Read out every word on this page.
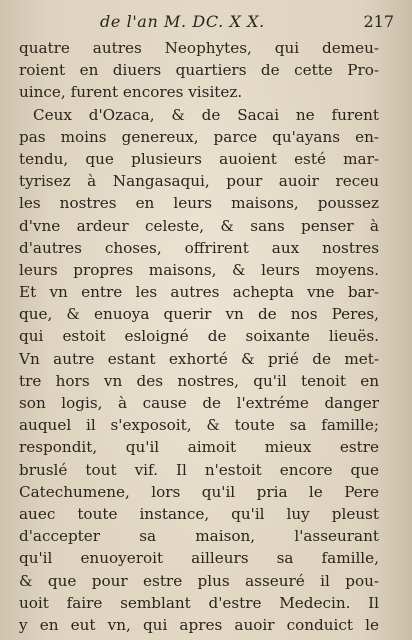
de l'an M. DC. X X.	217
quatre autres Neophytes, qui demeu-
roient en diuers quartiers de cette Pro-
uince, furent encores visitez.
Ceux d'Ozaca, & de Sacai ne furent
pas moins genereux, parce qu'ayans en-
tendu, que plusieurs auoient esté mar-
tyrisez à Nangasaqui, pour auoir receu
les nostres en leurs maisons, poussez
d'vne ardeur celeste, & sans penser à
d'autres choses, offrirent aux nostres
leurs propres maisons, & leurs moyens.
Et vn entre les autres achepta vne bar-
que, & enuoya querir vn de nos Peres,
qui estoit esloigné de soixante lieuës.
Vn autre estant exhorté & prié de met-
tre hors vn des nostres, qu'il tenoit en
son logis, à cause de l'extréme danger
auquel il s'exposoit, & toute sa famille;
respondit, qu'il aimoit mieux estre
bruslé tout vif. Il n'estoit encore que
Catechumene, lors qu'il pria le Pere
auec toute instance, qu'il luy pleust
d'accepter sa maison, l'asseurant
qu'il enuoyeroit ailleurs sa famille,
& que pour estre plus asseuré il pou-
uoit faire semblant d'estre Medecin. Il
y en eut vn, qui apres auoir conduict le
